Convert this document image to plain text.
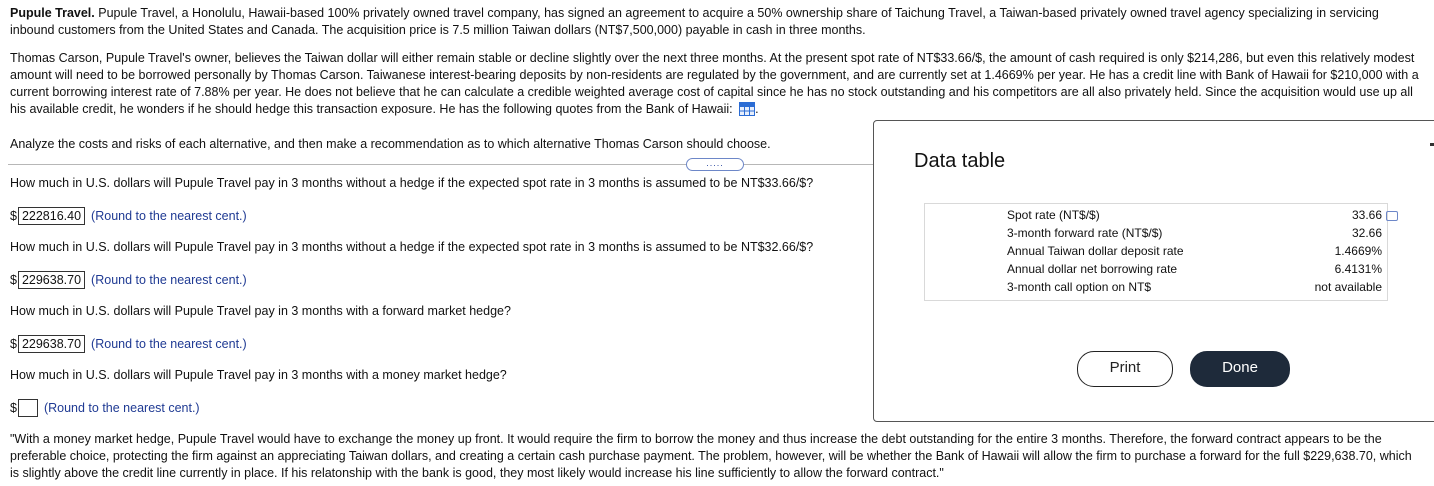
Pupule Travel. Pupule Travel, a Honolulu, Hawaii-based 100% privately owned travel company, has signed an agreement to acquire a 50% ownership share of Taichung Travel, a Taiwan-based privately owned travel agency specializing in servicing inbound customers from the United States and Canada. The acquisition price is 7.5 million Taiwan dollars (NT$7,500,000) payable in cash in three months.
Thomas Carson, Pupule Travel's owner, believes the Taiwan dollar will either remain stable or decline slightly over the next three months. At the present spot rate of NT$33.66/$, the amount of cash required is only $214,286, but even this relatively modest amount will need to be borrowed personally by Thomas Carson. Taiwanese interest-bearing deposits by non-residents are regulated by the government, and are currently set at 1.4669% per year. He has a credit line with Bank of Hawaii for $210,000 with a current borrowing interest rate of 7.88% per year. He does not believe that he can calculate a credible weighted average cost of capital since he has no stock outstanding and his competitors are all also privately held. Since the acquisition would use up all his available credit, he wonders if he should hedge this transaction exposure. He has the following quotes from the Bank of Hawaii: .
Analyze the costs and risks of each alternative, and then make a recommendation as to which alternative Thomas Carson should choose.
.....
How much in U.S. dollars will Pupule Travel pay in 3 months without a hedge if the expected spot rate in 3 months is assumed to be NT$33.66/$?
$ 222816.40 (Round to the nearest cent.)
How much in U.S. dollars will Pupule Travel pay in 3 months without a hedge if the expected spot rate in 3 months is assumed to be NT$32.66/$?
$ 229638.70 (Round to the nearest cent.)
How much in U.S. dollars will Pupule Travel pay in 3 months with a forward market hedge?
$ 229638.70 (Round to the nearest cent.)
How much in U.S. dollars will Pupule Travel pay in 3 months with a money market hedge?
$ (Round to the nearest cent.)
"With a money market hedge, Pupule Travel would have to exchange the money up front. It would require the firm to borrow the money and thus increase the debt outstanding for the entire 3 months. Therefore, the forward contract appears to be the preferable choice, protecting the firm against an appreciating Taiwan dollars, and creating a certain cash purchase payment. The problem, however, will be whether the Bank of Hawaii will allow the firm to purchase a forward for the full $229,638.70, which is slightly above the credit line currently in place. If his relatonship with the bank is good, they most likely would increase his line sufficiently to allow the forward contract."
Data table
Spot rate (NT$/$)	33.66
3-month forward rate (NT$/$)	32.66
Annual Taiwan dollar deposit rate	1.4669%
Annual dollar net borrowing rate	6.4131%
3-month call option on NT$	not available
Print	Done
